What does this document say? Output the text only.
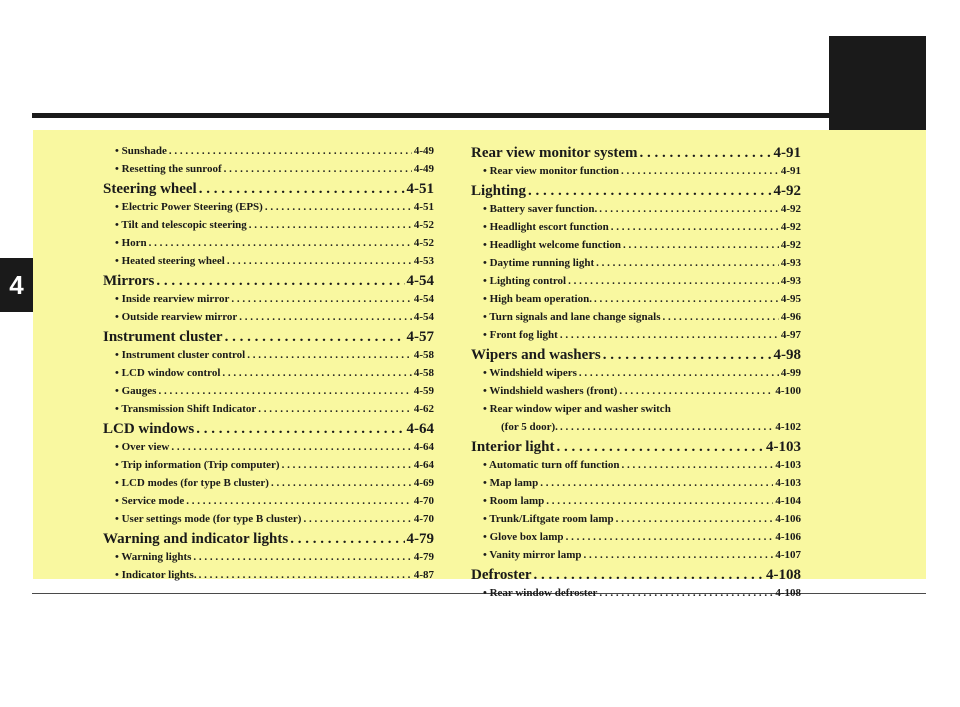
4
• Sunshade . . .	4-49
• Resetting the sunroof . . .	4-49
Steering wheel . . .	4-51
• Electric Power Steering (EPS) . . .	4-51
• Tilt and telescopic steering . . .	4-52
• Horn . . .	4-52
• Heated steering wheel . . .	4-53
Mirrors . . .	4-54
• Inside rearview mirror . . .	4-54
• Outside rearview mirror . . .	4-54
Instrument cluster . . .	4-57
• Instrument cluster control . . .	4-58
• LCD window control . . .	4-58
• Gauges . . .	4-59
• Transmission Shift Indicator . . .	4-62
LCD windows . . .	4-64
• Over view . . .	4-64
• Trip information (Trip computer) . . .	4-64
• LCD modes (for type B cluster) . . .	4-69
• Service mode . . .	4-70
• User settings mode (for type B cluster) . . .	4-70
Warning and indicator lights . . .	4-79
• Warning lights . . .	4-79
• Indicator lights. . . .	4-87
Rear view monitor system . . .	4-91
• Rear view monitor function . . .	4-91
Lighting . . .	4-92
• Battery saver function. . . .	4-92
• Headlight escort function . . .	4-92
• Headlight welcome function . . .	4-92
• Daytime running light . . .	4-93
• Lighting control . . .	4-93
• High beam operation. . . .	4-95
• Turn signals and lane change signals . . .	4-96
• Front fog light . . .	4-97
Wipers and washers . . .	4-98
• Windshield wipers . . .	4-99
• Windshield washers (front) . . .	4-100
• Rear window wiper and washer switch
(for 5 door). . . .	4-102
Interior light . . .	4-103
• Automatic turn off function . . .	4-103
• Map lamp . . .	4-103
• Room lamp . . .	4-104
• Trunk/Liftgate room lamp . . .	4-106
• Glove box lamp . . .	4-106
• Vanity mirror lamp . . .	4-107
Defroster . . .	4-108
• Rear window defroster . . .	4-108
